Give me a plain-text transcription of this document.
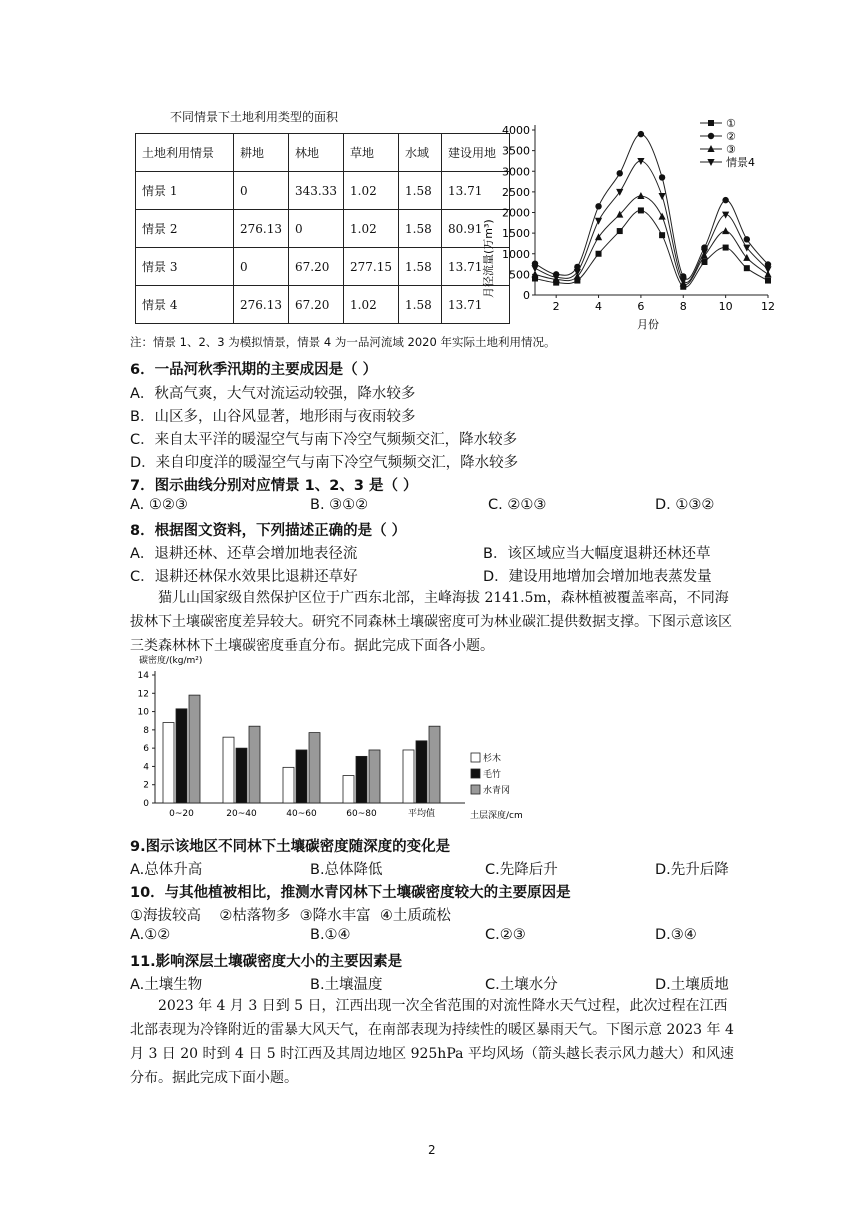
不同情景下土地利用类型的面积
土地利用情景	耕地	林地	草地	水域	建设用地
情景 1	0	343.33	1.02	1.58	13.71
情景 2	276.13	0	1.02	1.58	80.91
情景 3	0	67.20	277.15	1.58	13.71
情景 4	276.13	67.20	1.02	1.58	13.71
4000
3500
3000
2500
2000
1500
1000
500
0
2	4	6	8	10	12
①
②
③
情景4
月径流量(万m³)
月份
注：情景 1、2、3 为模拟情景，情景 4 为一品河流域 2020 年实际土地利用情况。
6．一品河秋季汛期的主要成因是（ ）
A．秋高气爽，大气对流运动较强，降水较多
B．山区多，山谷风显著，地形雨与夜雨较多
C．来自太平洋的暖湿空气与南下冷空气频频交汇，降水较多
D．来自印度洋的暖湿空气与南下冷空气频频交汇，降水较多
7．图示曲线分别对应情景 1、2、3 是（ ）
A. ①②③	B. ③①②	C. ②①③	D. ①③②
8．根据图文资料，下列描述正确的是（ ）
A．退耕还林、还草会增加地表径流	B．该区域应当大幅度退耕还林还草
C．退耕还林保水效果比退耕还草好	D．建设用地增加会增加地表蒸发量
猫儿山国家级自然保护区位于广西东北部，主峰海拔 2141.5m，森林植被覆盖率高，不同海拔林下土壤碳密度差异较大。研究不同森林土壤碳密度可为林业碳汇提供数据支撑。下图示意该区三类森林林下土壤碳密度垂直分布。据此完成下面各小题。
碳密度/(kg/m²)
土层深度/cm
14
12
10
8
6
4
2
0
0~20	20~40	40~60	60~80	平均值
杉木
毛竹
水青冈
9.图示该地区不同林下土壤碳密度随深度的变化是
A.总体升高	B.总体降低	C.先降后升	D.先升后降
10．与其他植被相比，推测水青冈林下土壤碳密度较大的主要原因是
①海拔较高    ②枯落物多  ③降水丰富  ④土质疏松
A.①②	B.①④	C.②③	D.③④
11.影响深层土壤碳密度大小的主要因素是
A.土壤生物	B.土壤温度	C.土壤水分	D.土壤质地
2023 年 4 月 3 日到 5 日，江西出现一次全省范围的对流性降水天气过程，此次过程在江西北部表现为冷锋附近的雷暴大风天气，在南部表现为持续性的暖区暴雨天气。下图示意 2023 年 4 月 3 日 20 时到 4 日 5 时江西及其周边地区 925hPa 平均风场（箭头越长表示风力越大）和风速分布。据此完成下面小题。
2
